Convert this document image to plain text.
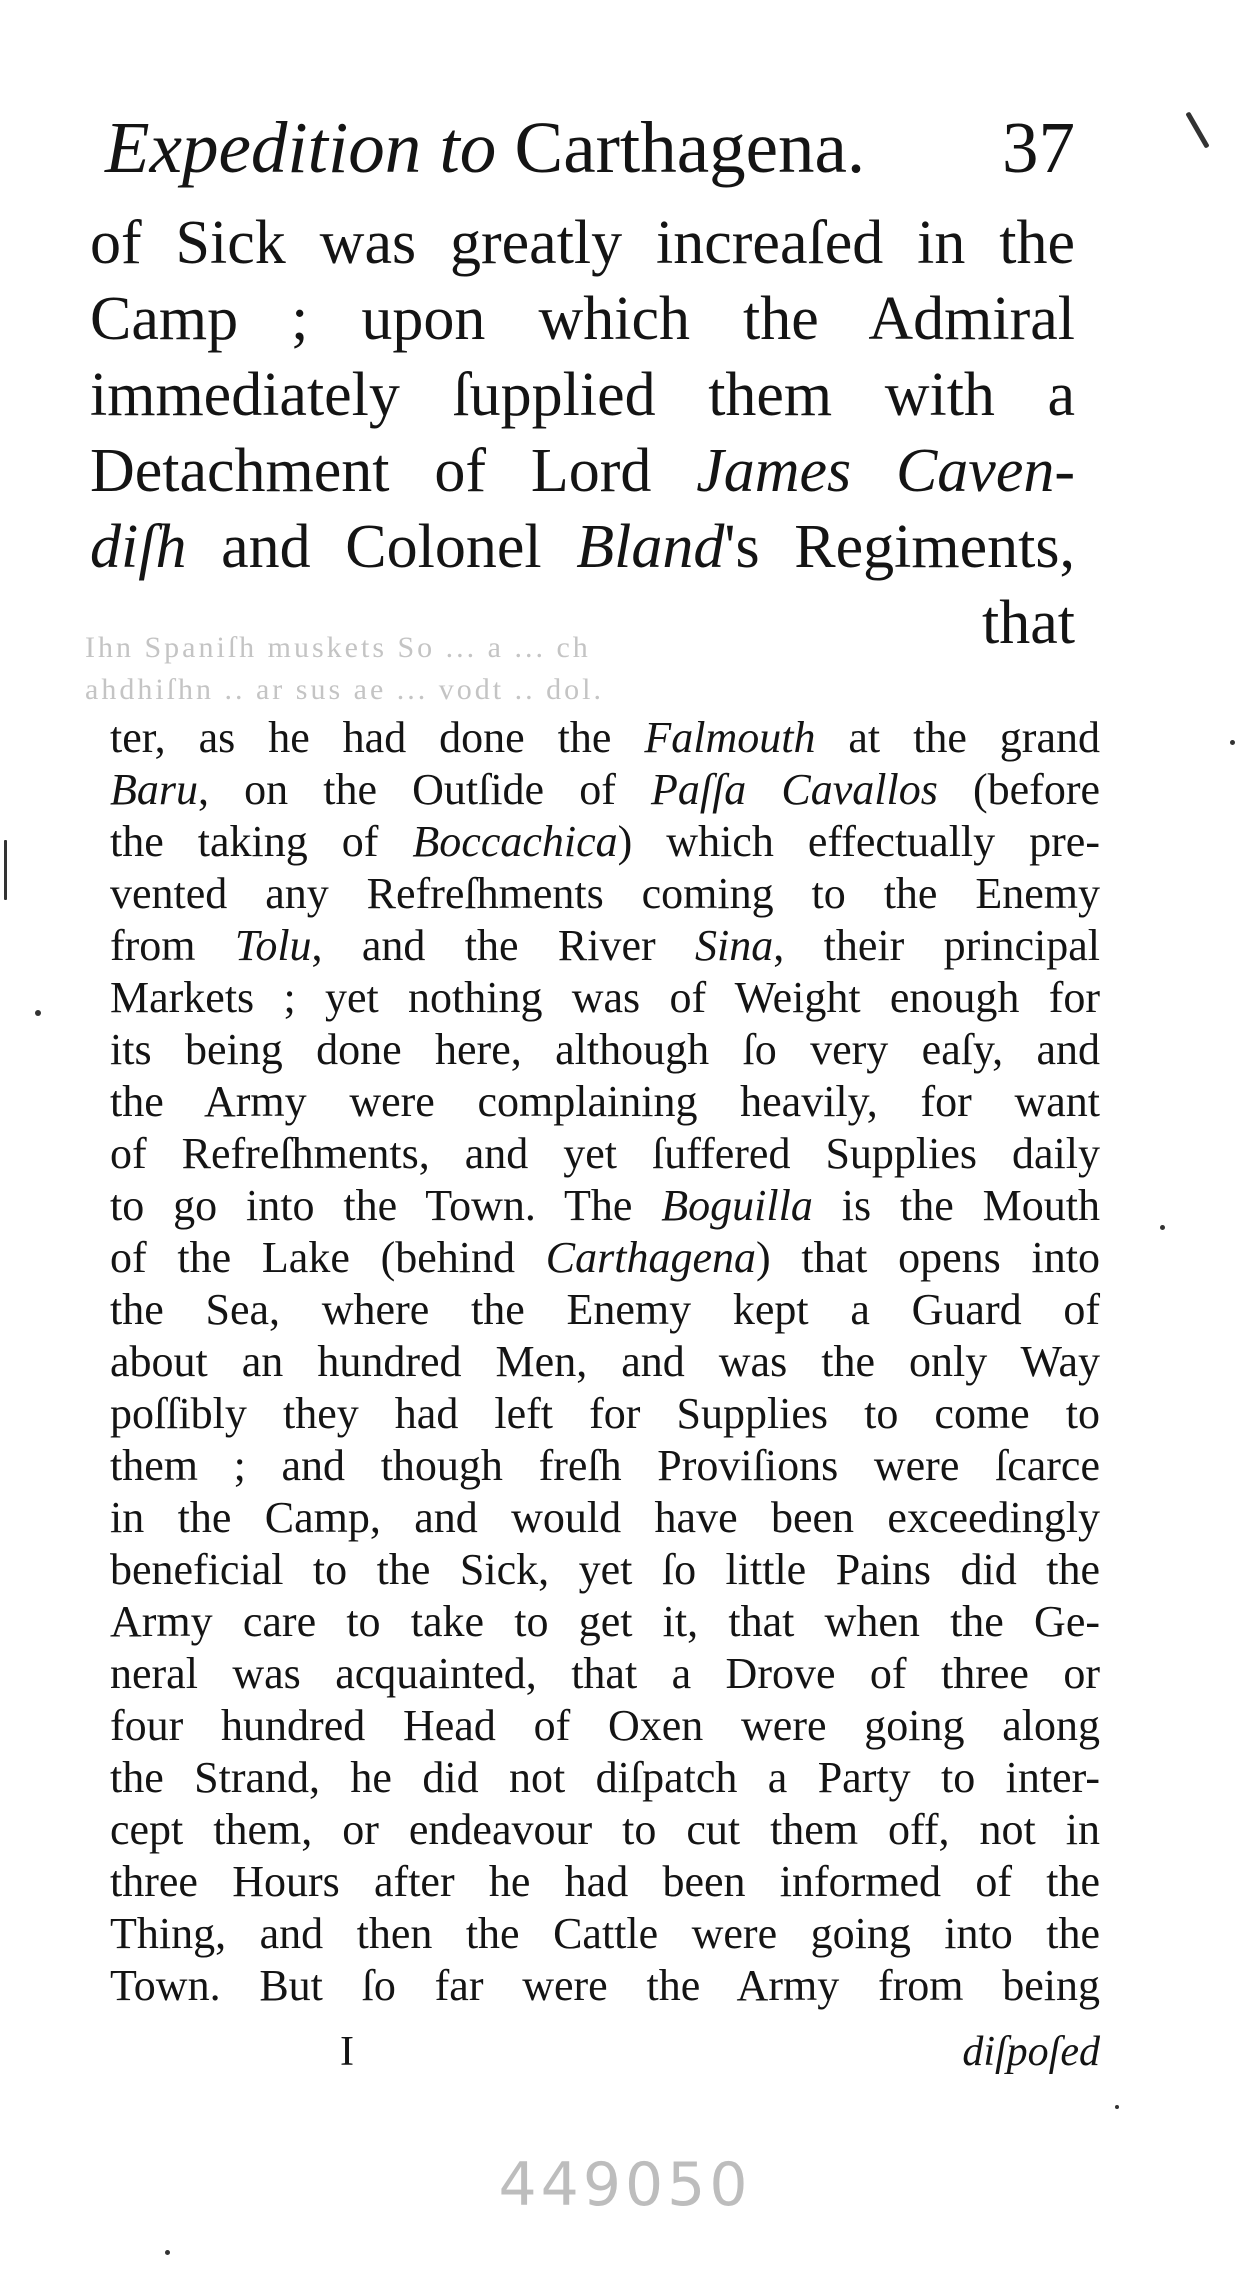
Expedition to Carthagena. 37
of Sick was greatly increaſed in the
Camp ; upon which the Admiral
immediately ſupplied them with a
Detachment of Lord James Caven-
diſh and Colonel Bland's Regiments,
that
Ihn Spaniſh muskets So ... a ... ch
ahdhiſhn .. ar sus ae ... vodt .. dol.
ter, as he had done the Falmouth at the grand
Baru, on the Outſide of Paſſa Cavallos (before
the taking of Boccachica) which effectually pre-
vented any Refreſhments coming to the Enemy
from Tolu, and the River Sina, their principal
Markets ; yet nothing was of Weight enough for
its being done here, although ſo very eaſy, and
the Army were complaining heavily, for want
of Refreſhments, and yet ſuffered Supplies daily
to go into the Town. The Boguilla is the Mouth
of the Lake (behind Carthagena) that opens into
the Sea, where the Enemy kept a Guard of
about an hundred Men, and was the only Way
poſſibly they had left for Supplies to come to
them ; and though freſh Proviſions were ſcarce
in the Camp, and would have been exceedingly
beneficial to the Sick, yet ſo little Pains did the
Army care to take to get it, that when the Ge-
neral was acquainted, that a Drove of three or
four hundred Head of Oxen were going along
the Strand, he did not diſpatch a Party to inter-
cept them, or endeavour to cut them off, not in
three Hours after he had been informed of the
Thing, and then the Cattle were going into the
Town. But ſo far were the Army from being
I	diſpoſed
449050
